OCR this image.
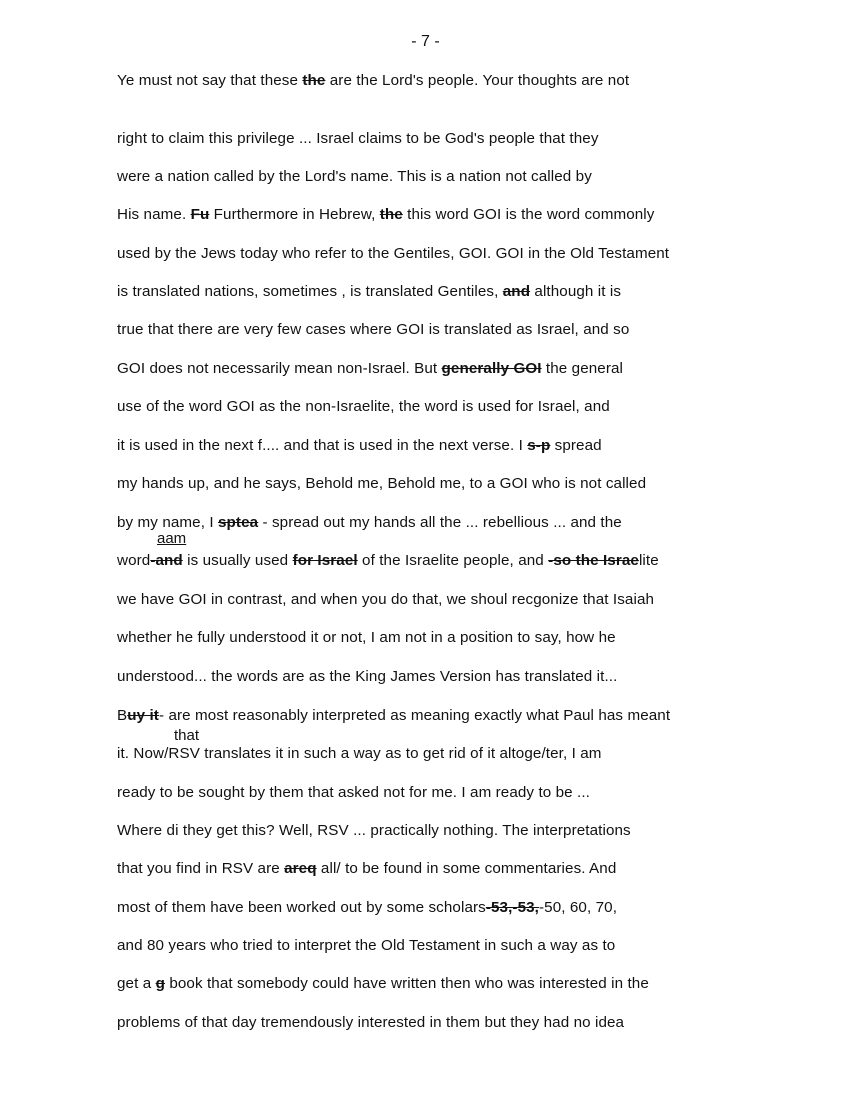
- 7 -
Ye must not say that these the are the Lord's people. Your thoughts are not
right to claim this privilege ... Israel claims to be God's people that they
were a nation called by the Lord's name. This is a nation not called by
His name. Fu Furthermore in Hebrew, the this word GOI is the word commonly
used by the Jews today who refer to the Gentiles, GOI. GOI in the Old Testament
is translated nations, sometimes , is translated Gentiles, and although it is
true that there are very few cases where GOI is translated as Israel, and so
GOI does not necessarily mean non-Israel. But generally GOI the general
use of the word GOI as the non-Israelite, the word is used for Israel, and
it is used in the next f.... and that is used in the next verse. I s-p spread
my hands up, and he says, Behold me, Behold me, to a GOI who is not called
by my name, I sptea - spread out my hands all the ... rebellious ... and the
word-and is usually used for Israel of the Israelite people, and -so the Israelite
we have GOI in contrast, and when you do that, we shoul recgonize that Isaiah
whether he fully understood it or not, I am not in a position to say, how he
understood... the words are as the King James Version has translated it...
Buy it- are most reasonably interpreted as meaning exactly what Paul has meant
it. Now/RSV translates it in such a way as to get rid of it altoge/ter, I am
ready to be sought by them that asked not for me. I am ready to be ...
Where di they get this? Well, RSV ... practically nothing. The interpretations
that you find in RSV are areq all/ to be found in some commentaries. And
most of them have been worked out by some scholars-53,-53,-50, 60, 70,
and 80 years who tried to interpret the Old Testament in such a way as to
get a g book that somebody could have written then who was interested in the
problems of that day tremendously interested in them but they had no idea
aam
that
